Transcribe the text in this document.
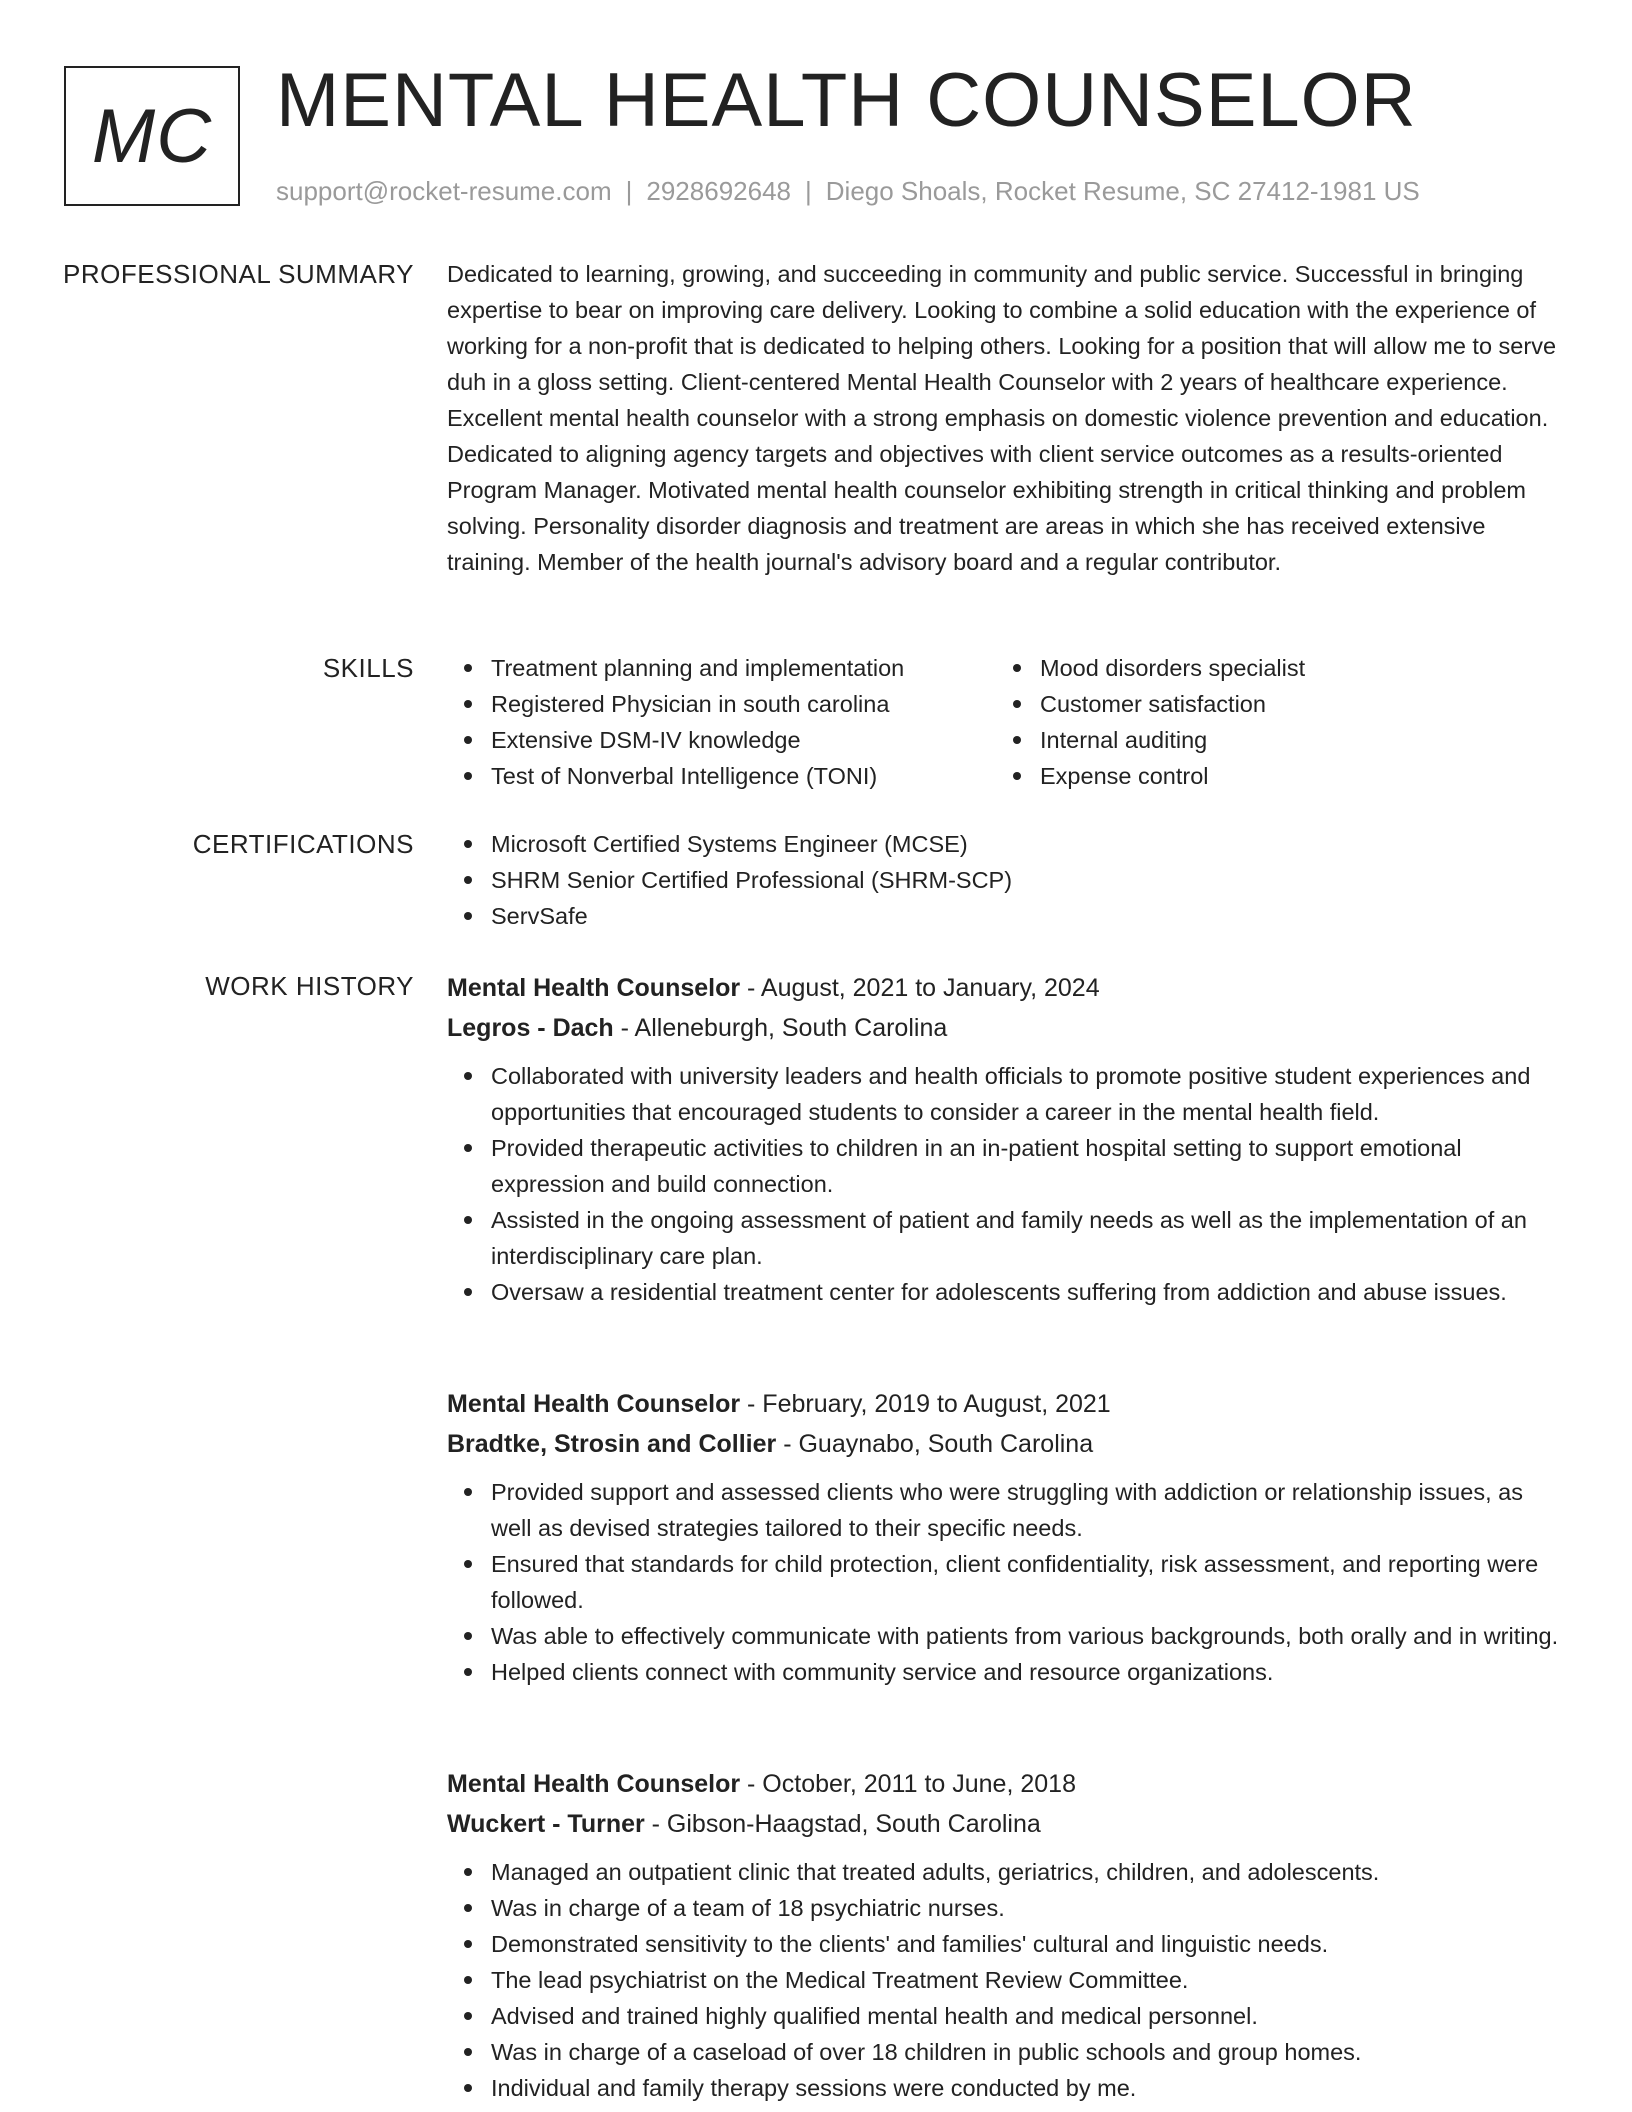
MC MENTAL HEALTH COUNSELOR
support@rocket-resume.com | 2928692648 | Diego Shoals, Rocket Resume, SC 27412-1981 US
PROFESSIONAL SUMMARY Dedicated to learning, growing, and succeeding in community and public service. Successful in bringing expertise to bear on improving care delivery. Looking to combine a solid education with the experience of working for a non-profit that is dedicated to helping others. Looking for a position that will allow me to serve duh in a gloss setting. Client-centered Mental Health Counselor with 2 years of healthcare experience. Excellent mental health counselor with a strong emphasis on domestic violence prevention and education. Dedicated to aligning agency targets and objectives with client service outcomes as a results-oriented Program Manager. Motivated mental health counselor exhibiting strength in critical thinking and problem solving. Personality disorder diagnosis and treatment are areas in which she has received extensive training. Member of the health journal's advisory board and a regular contributor.
SKILLS	Treatment planning and implementation
Registered Physician in south carolina
Extensive DSM-IV knowledge
Test of Nonverbal Intelligence (TONI)
Mood disorders specialist
Customer satisfaction
Internal auditing
Expense control
CERTIFICATIONS	Microsoft Certified Systems Engineer (MCSE)
SHRM Senior Certified Professional (SHRM-SCP)
ServSafe
WORK HISTORY Mental Health Counselor - August, 2021 to January, 2024
Legros - Dach - Alleneburgh, South Carolina
Collaborated with university leaders and health officials to promote positive student experiences and opportunities that encouraged students to consider a career in the mental health field.
Provided therapeutic activities to children in an in-patient hospital setting to support emotional expression and build connection.
Assisted in the ongoing assessment of patient and family needs as well as the implementation of an interdisciplinary care plan.
Oversaw a residential treatment center for adolescents suffering from addiction and abuse issues.
Mental Health Counselor - February, 2019 to August, 2021
Bradtke, Strosin and Collier - Guaynabo, South Carolina
Provided support and assessed clients who were struggling with addiction or relationship issues, as well as devised strategies tailored to their specific needs.
Ensured that standards for child protection, client confidentiality, risk assessment, and reporting were followed.
Was able to effectively communicate with patients from various backgrounds, both orally and in writing.
Helped clients connect with community service and resource organizations.
Mental Health Counselor - October, 2011 to June, 2018
Wuckert - Turner - Gibson-Haagstad, South Carolina
Managed an outpatient clinic that treated adults, geriatrics, children, and adolescents.
Was in charge of a team of 18 psychiatric nurses.
Demonstrated sensitivity to the clients' and families' cultural and linguistic needs.
The lead psychiatrist on the Medical Treatment Review Committee.
Advised and trained highly qualified mental health and medical personnel.
Was in charge of a caseload of over 18 children in public schools and group homes.
Individual and family therapy sessions were conducted by me.
